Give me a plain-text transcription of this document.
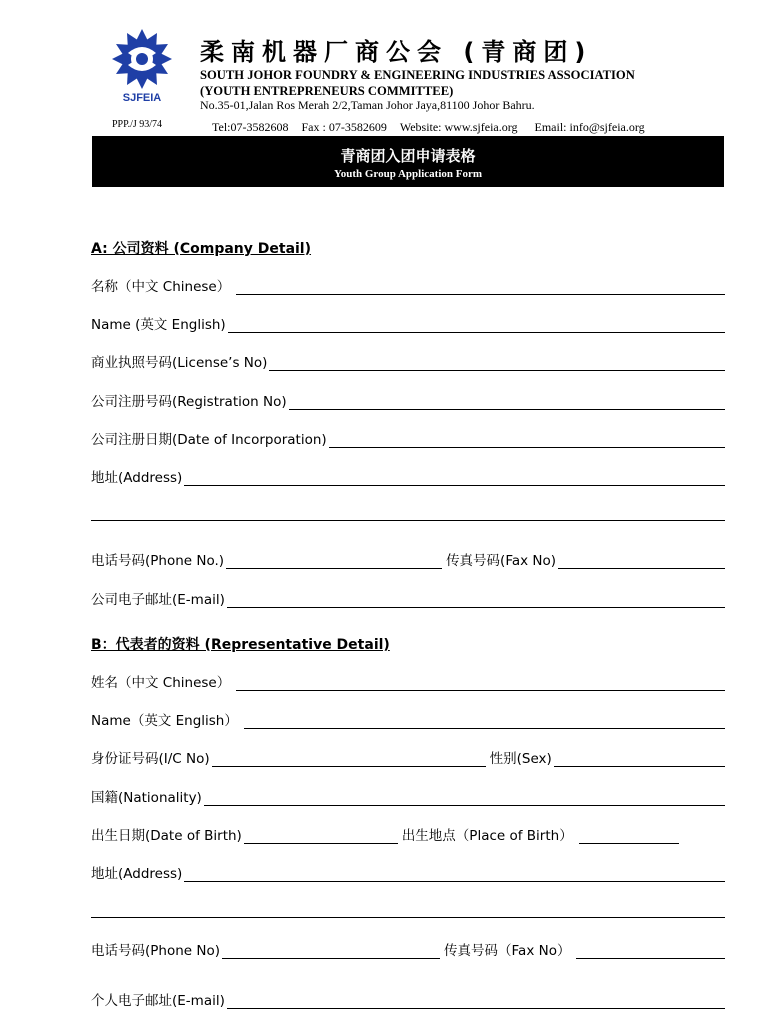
SJFEIA
PPP./J 93/74
柔南机器厂商公会 (青商团)
SOUTH JOHOR FOUNDRY & ENGINEERING INDUSTRIES ASSOCIATION
(YOUTH ENTREPRENEURS COMMITTEE)
No.35-01,Jalan Ros Merah 2/2,Taman Johor Jaya,81100 Johor Bahru.
Tel:07-3582608 Fax : 07-3582609 Website: www.sjfeia.org Email: info@sjfeia.org
青商团入团申请表格
Youth Group Application Form
A: 公司资料 (Company Detail)
名称（中文 Chinese）
Name (英文 English)
商业执照号码(License’s No)
公司注册号码(Registration No)
公司注册日期(Date of Incorporation)
地址(Address)
电话号码(Phone No.)	传真号码(Fax No)
公司电子邮址(E-mail)
B：代表者的资料 (Representative Detail)
姓名（中文 Chinese）
Name（英文 English）
身份证号码(I/C No)	性别(Sex)
国籍(Nationality)
出生日期(Date of Birth)	出生地点（Place of Birth）
地址(Address)
电话号码(Phone No)	传真号码（Fax No）
个人电子邮址(E-mail)
